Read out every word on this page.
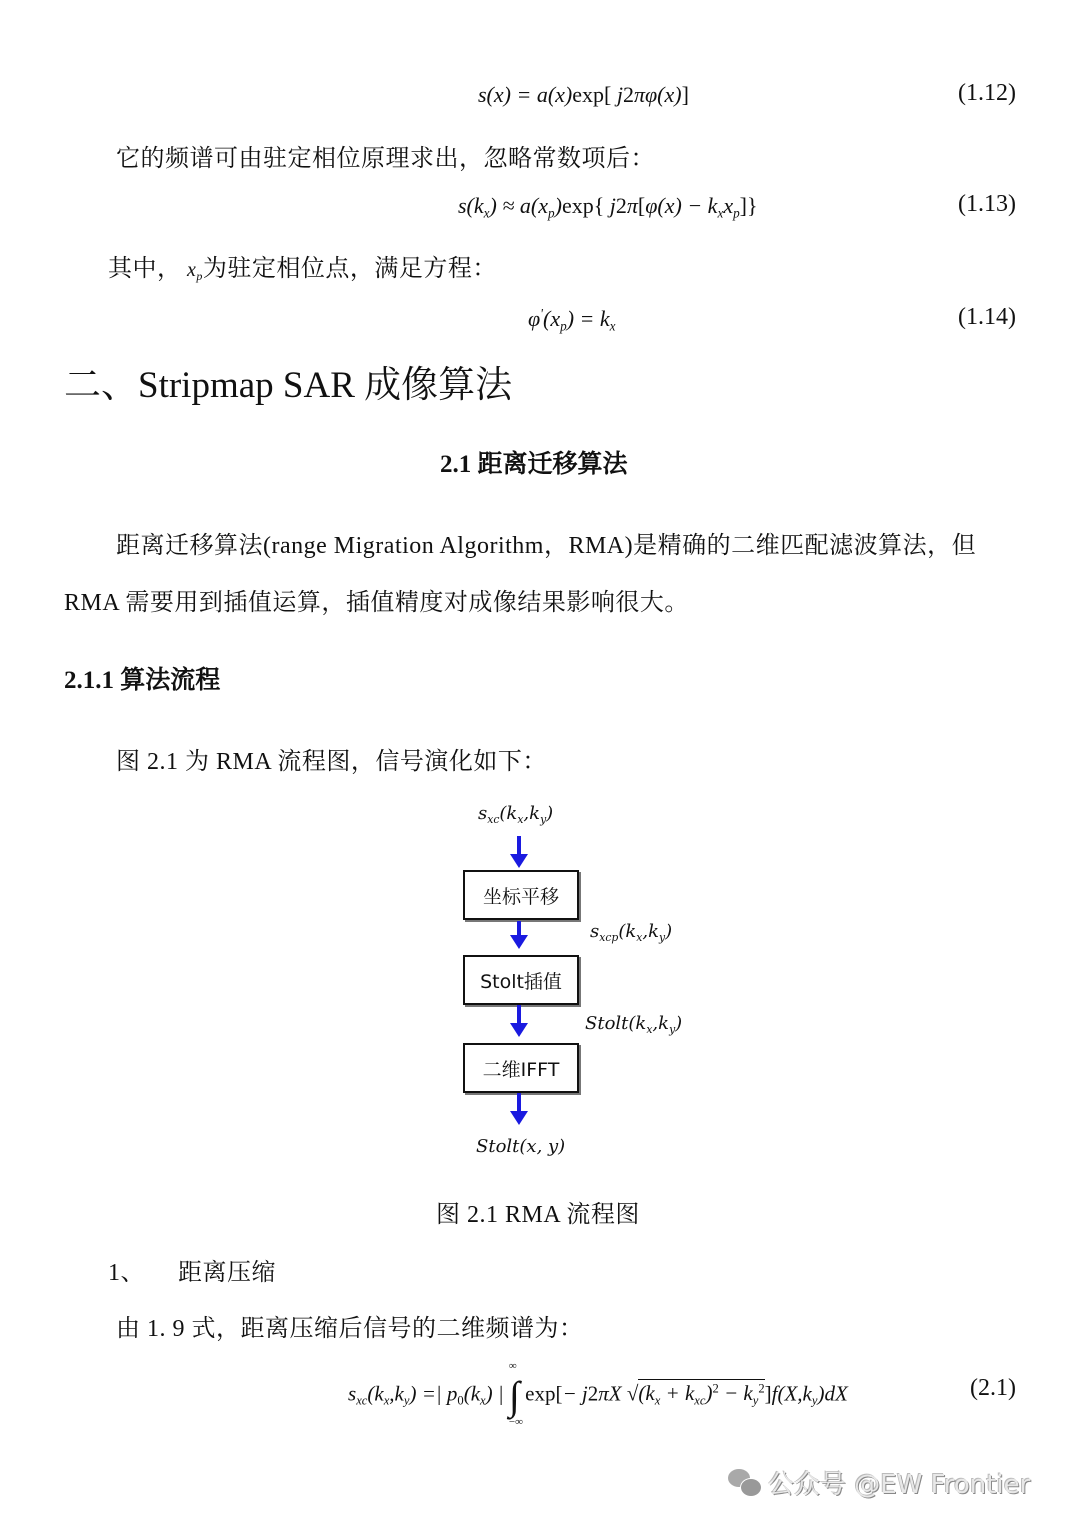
s(x) = a(x)exp[ j2πφ(x)]	(1.12)
它的频谱可由驻定相位原理求出，忽略常数项后：
$s(k_x) \approx a(x_p)\exp${ $j2\pi[\varphi(x) - k_xx_p]$}	(1.13)
其中， $x_p$为驻定相位点，满足方程：
$\varphi'(x_p) = k_x$	(1.14)
二、Stripmap SAR 成像算法
2.1 距离迁移算法
距离迁移算法(range Migration Algorithm，RMA)是精确的二维匹配滤波算法，但
RMA 需要用到插值运算，插值精度对成像结果影响很大。
2.1.1 算法流程
图 2.1 为 RMA 流程图，信号演化如下：
$s_{xc}(k_x,k_y)$
坐标平移
$s_{xcp}(k_x,k_y)$
Stolt插值
$Stolt(k_x,k_y)$
二维IFFT
Stolt(x, y)
图 2.1 RMA 流程图
1、 距离压缩
由 1. 9 式，距离压缩后信号的二维频谱为：
$s_{xc}(k_x,k_y)$ =| $p_0(k_x)$ | ∫
∞
−∞
exp[− j2πX $√(k_x + k_{xc})^2 - k_y^2]f(X,k_y)dX$	(2.1)
公众号 @EW Frontier
